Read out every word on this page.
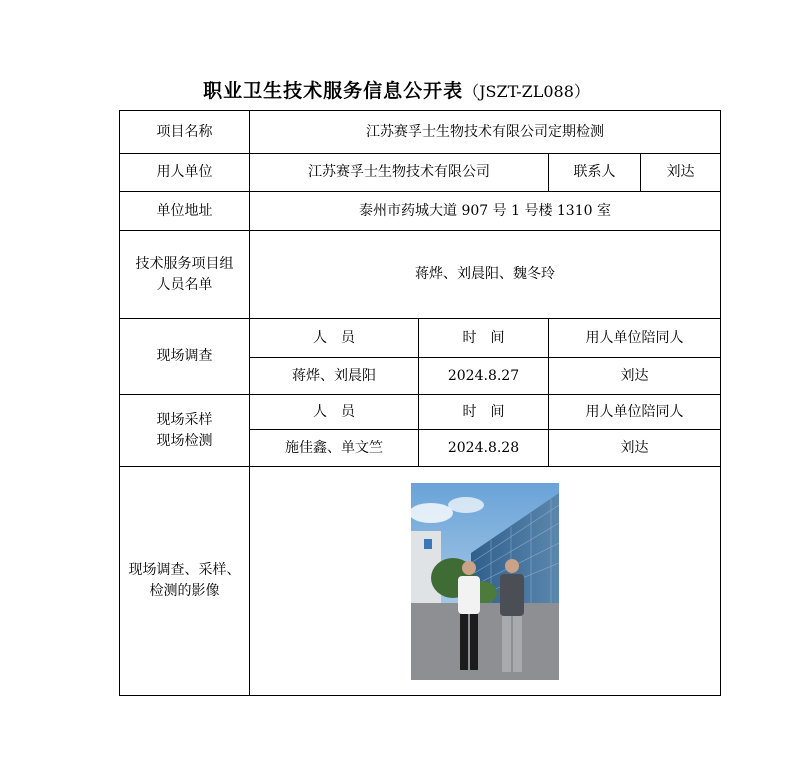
职业卫生技术服务信息公开表（JSZT-ZL088）
项目名称	江苏赛孚士生物技术有限公司定期检测			
用人单位	江苏赛孚士生物技术有限公司		联系人	刘达
单位地址	泰州市药城大道 907 号 1 号楼 1310 室			

技术服务项目组
人员名单	蒋烨、刘晨阳、魏冬玲			
现场调查	人　员	时　间	用人单位陪同人	
	蒋烨、刘晨阳	2024.8.27	刘达	

现场采样
现场检测	人　员	时　间	用人单位陪同人	
	施佳鑫、单文竺	2024.8.28	刘达	

现场调查、采样、
检测的影像
